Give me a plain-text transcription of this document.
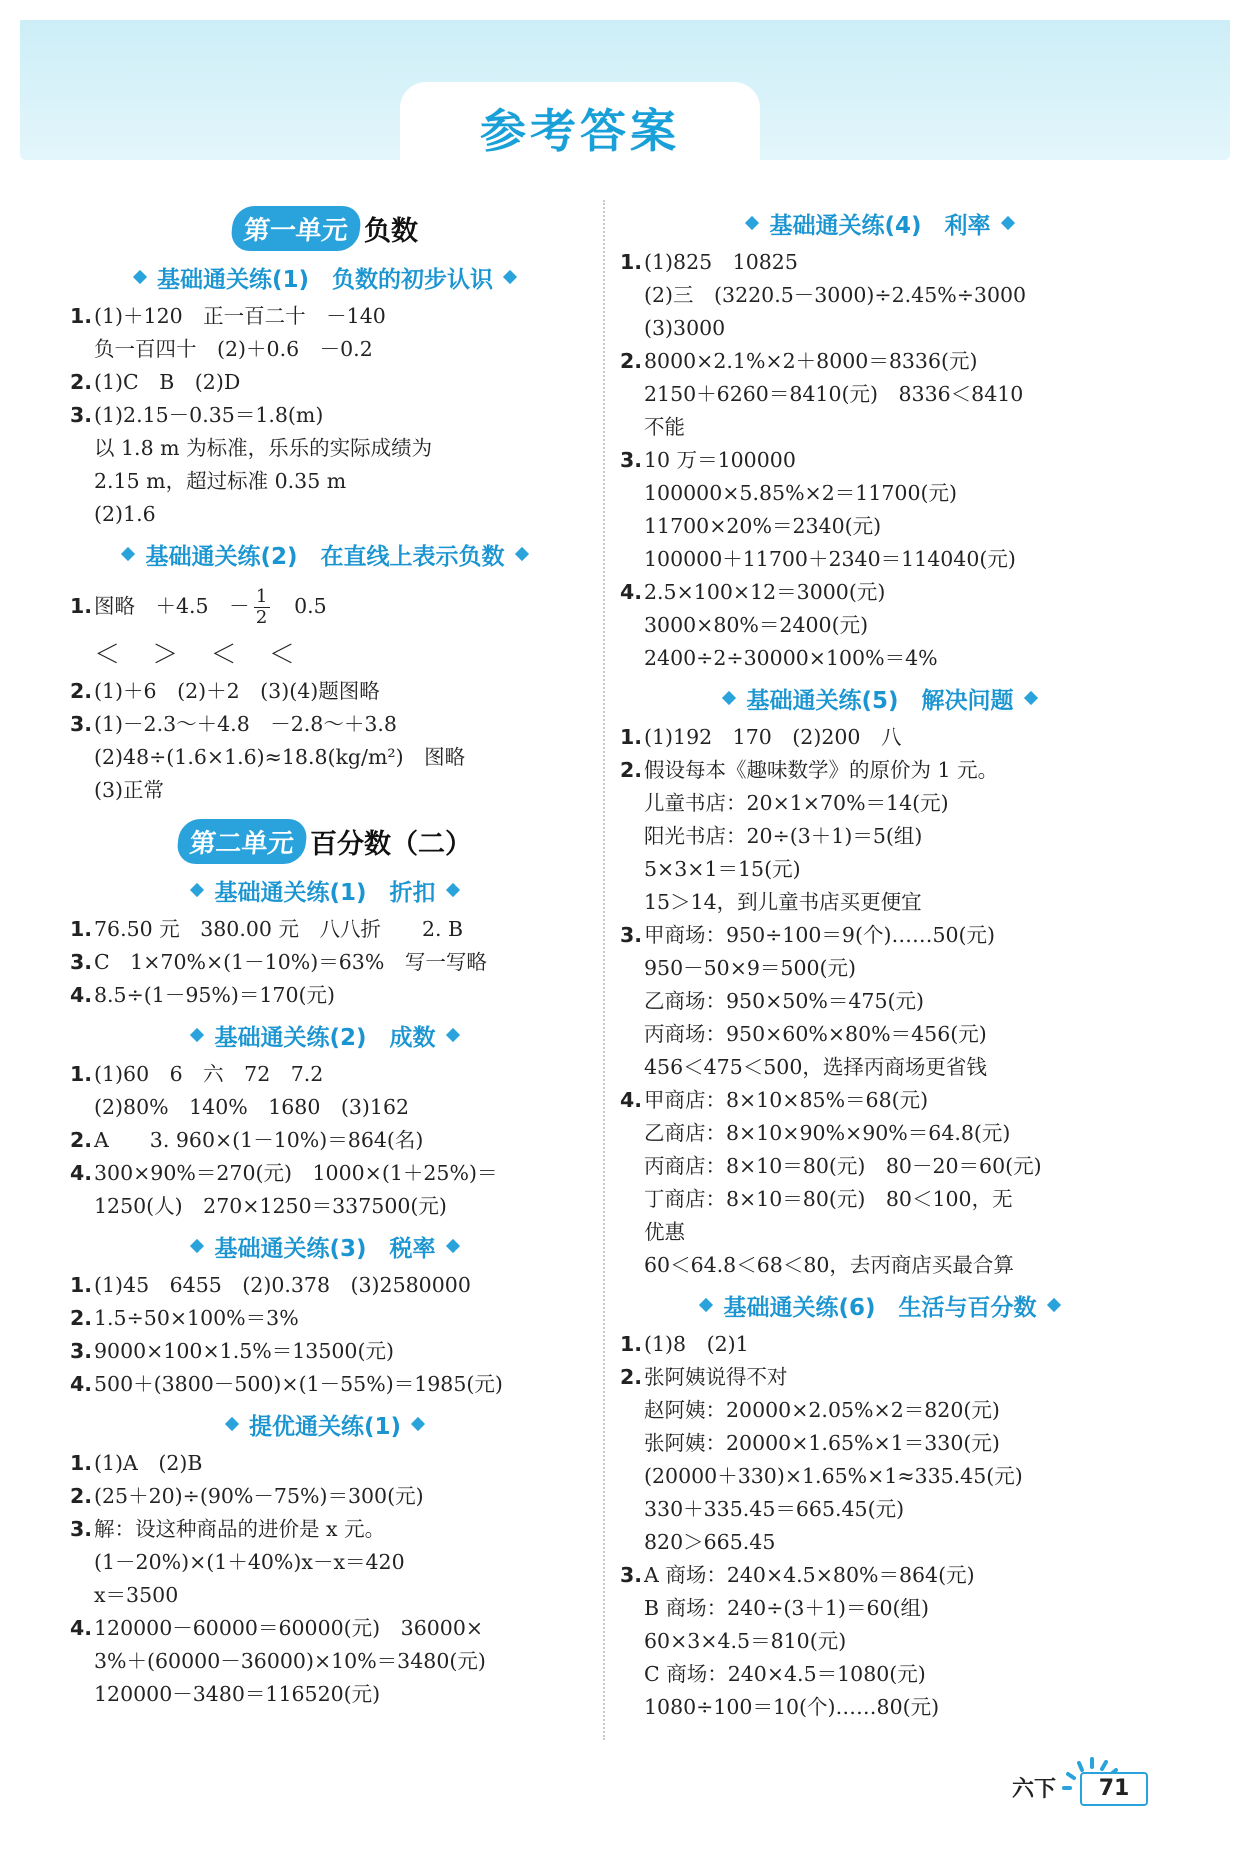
参考答案
第一单元 负数
基础通关练(1)　负数的初步认识
1.(1)＋120　正一百二十　－140
负一百四十　(2)＋0.6　－0.2
2.(1)C　B　(2)D
3.(1)2.15－0.35＝1.8(m)
以 1.8 m 为标准，乐乐的实际成绩为
2.15 m，超过标准 0.35 m
(2)1.6
基础通关练(2)　在直线上表示负数
1.图略　＋4.5　－ $\frac{1}{2}$ 　0.5
＜ ＞ ＜ ＜
2.(1)＋6　(2)＋2　(3)(4)题图略
3.(1)－2.3～＋4.8　－2.8～＋3.8
(2)48÷(1.6×1.6)≈18.8(kg/m²)　图略
(3)正常
第二单元 百分数（二）
基础通关练(1)　折扣
1.76.50 元　380.00 元　八八折　　2. B
3.C　1×70%×(1－10%)＝63%　写一写略
4.8.5÷(1－95%)＝170(元)
基础通关练(2)　成数
1.(1)60　6　六　72　7.2
(2)80%　140%　1680　(3)162
2.A　　3. 960×(1－10%)＝864(名)
4.300×90%＝270(元)　1000×(1＋25%)＝
1250(人)　270×1250＝337500(元)
基础通关练(3)　税率
1.(1)45　6455　(2)0.378　(3)2580000
2.1.5÷50×100%＝3%
3.9000×100×1.5%＝13500(元)
4.500＋(3800－500)×(1－55%)＝1985(元)
提优通关练(1)
1.(1)A　(2)B
2.(25＋20)÷(90%－75%)＝300(元)
3.解：设这种商品的进价是 x 元。
(1－20%)×(1＋40%)x－x＝420
x＝3500
4.120000－60000＝60000(元)　36000×
3%＋(60000－36000)×10%＝3480(元)
120000－3480＝116520(元)
基础通关练(4)　利率
1.(1)825　10825
(2)三　(3220.5－3000)÷2.45%÷3000
(3)3000
2.8000×2.1%×2＋8000＝8336(元)
2150＋6260＝8410(元)　8336＜8410
不能
3.10 万＝100000
100000×5.85%×2＝11700(元)
11700×20%＝2340(元)
100000＋11700＋2340＝114040(元)
4.2.5×100×12＝3000(元)
3000×80%＝2400(元)
2400÷2÷30000×100%＝4%
基础通关练(5)　解决问题
1.(1)192　170　(2)200　八
2.假设每本《趣味数学》的原价为 1 元。
儿童书店：20×1×70%＝14(元)
阳光书店：20÷(3＋1)＝5(组)
5×3×1＝15(元)
15＞14，到儿童书店买更便宜
3.甲商场：950÷100＝9(个)……50(元)
950－50×9＝500(元)
乙商场：950×50%＝475(元)
丙商场：950×60%×80%＝456(元)
456＜475＜500，选择丙商场更省钱
4.甲商店：8×10×85%＝68(元)
乙商店：8×10×90%×90%＝64.8(元)
丙商店：8×10＝80(元)　80－20＝60(元)
丁商店：8×10＝80(元)　80＜100，无
优惠
60＜64.8＜68＜80，去丙商店买最合算
基础通关练(6)　生活与百分数
1.(1)8　(2)1
2.张阿姨说得不对
赵阿姨：20000×2.05%×2＝820(元)
张阿姨：20000×1.65%×1＝330(元)
(20000＋330)×1.65%×1≈335.45(元)
330＋335.45＝665.45(元)
820＞665.45
3.A 商场：240×4.5×80%＝864(元)
B 商场：240÷(3＋1)＝60(组)
60×3×4.5＝810(元)
C 商场：240×4.5＝1080(元)
1080÷100＝10(个)……80(元)
六下	71
